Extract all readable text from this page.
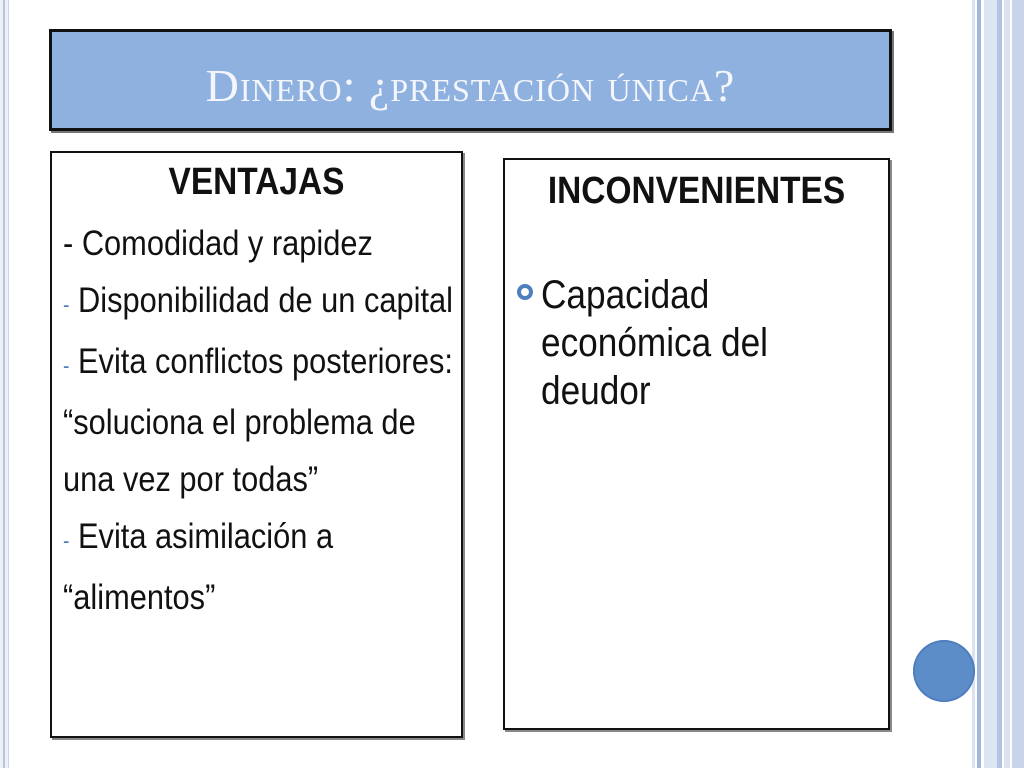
Dinero: ¿prestación única?
VENTAJAS

- Comodidad y rapidez

- Disponibilidad de un capital

- Evita conflictos posteriores: “soluciona el problema de una vez por todas”

- Evita asimilación a “alimentos”

INCONVENIENTES
Capacidad económica del deudor
